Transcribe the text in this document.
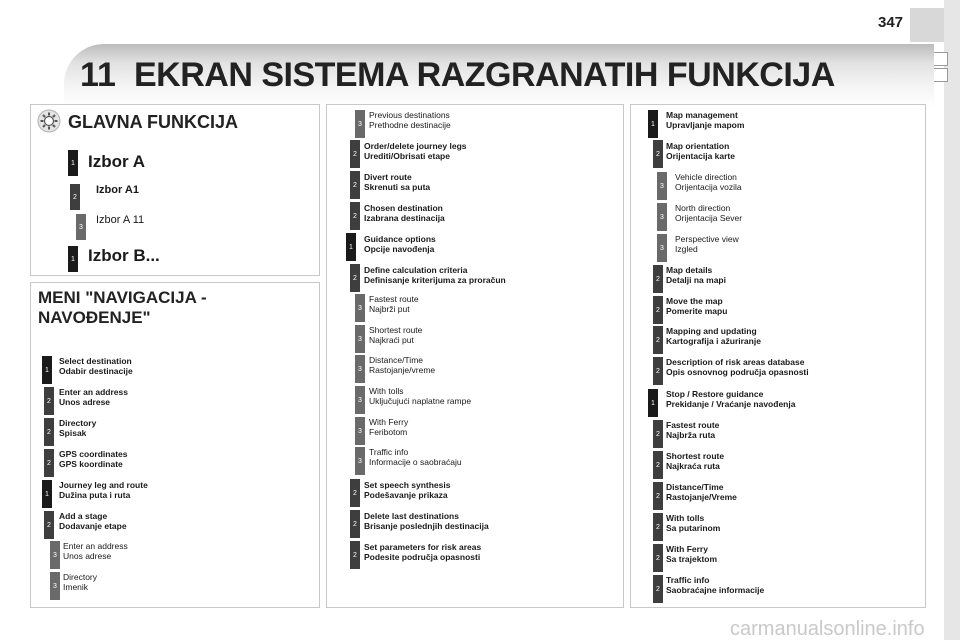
347
11 EKRAN SISTEMA RAZGRANATIH FUNKCIJA
GLAVNA FUNKCIJA
1 Izbor A
2
Izbor A1
3
Izbor A 11
1 Izbor B...
MENI "NAVIGACIJA -
NAVOĐENJE"
1
Select destination
Odabir destinacije
2
Enter an address
Unos adrese
2
Directory
Spisak
2
GPS coordinates
GPS koordinate
1
Journey leg and route
Dužina puta i ruta
2
Add a stage
Dodavanje etape
3
Enter an address
Unos adrese
3
Directory
Imenik
3
Previous destinations
Prethodne destinacije
2
Order/delete journey legs
Urediti/Obrisati etape
2
Divert route
Skrenuti sa puta
2
Chosen destination
Izabrana destinacija
1
Guidance options
Opcije navođenja
2
Define calculation criteria
Definisanje kriterijuma za proračun
3
Fastest route
Najbrži put
3
Shortest route
Najkraći put
3
Distance/Time
Rastojanje/vreme
3
With tolls
Uključujući naplatne rampe
3
With Ferry
Feribotom
3
Traffic info
Informacije o saobraćaju
2
Set speech synthesis
Podešavanje prikaza
2
Delete last destinations
Brisanje poslednjih destinacija
2
Set parameters for risk areas
Podesite područja opasnosti
1
Map management
Upravljanje mapom
2
Map orientation
Orijentacija karte
3
Vehicle direction
Orijentacija vozila
3
North direction
Orijentacija Sever
3
Perspective view
Izgled
2
Map details
Detalji na mapi
2
Move the map
Pomerite mapu
2
Mapping and updating
Kartografija i ažuriranje
2
Description of risk areas database
Opis osnovnog područja opasnosti
1
Stop / Restore guidance
Prekidanje / Vraćanje navođenja
2
Fastest route
Najbrža ruta
2
Shortest route
Najkraća ruta
2
Distance/Time
Rastojanje/Vreme
2
With tolls
Sa putarinom
2
With Ferry
Sa trajektom
2
Traffic info
Saobraćajne informacije
carmanualsonline.info
